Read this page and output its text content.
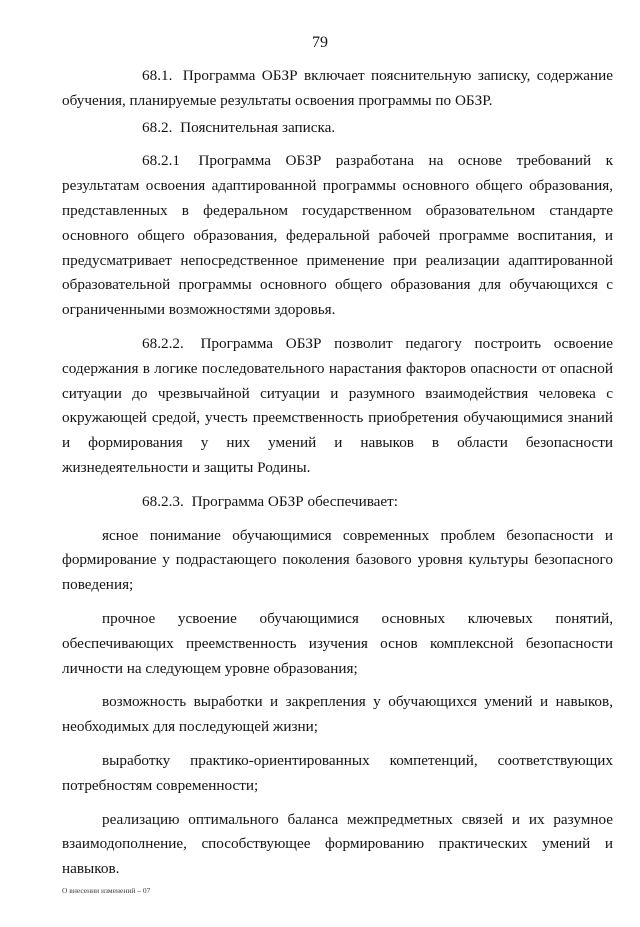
79

68.1. Программа ОБЗР включает пояснительную записку, содержание обучения, планируемые результаты освоения программы по ОБЗР.

68.2. Пояснительная записка.

68.2.1 Программа ОБЗР разработана на основе требований к результатам освоения адаптированной программы основного общего образования, представленных в федеральном государственном образовательном стандарте основного общего образования, федеральной рабочей программе воспитания, и предусматривает непосредственное применение при реализации адаптированной образовательной программы основного общего образования для обучающихся с ограниченными возможностями здоровья.

68.2.2. Программа ОБЗР позволит педагогу построить освоение содержания в логике последовательного нарастания факторов опасности от опасной ситуации до чрезвычайной ситуации и разумного взаимодействия человека с окружающей средой, учесть преемственность приобретения обучающимися знаний и формирования у них умений и навыков в области безопасности жизнедеятельности и защиты Родины.

68.2.3. Программа ОБЗР обеспечивает:

ясное понимание обучающимися современных проблем безопасности и формирование у подрастающего поколения базового уровня культуры безопасного поведения;

прочное усвоение обучающимися основных ключевых понятий, обеспечивающих преемственность изучения основ комплексной безопасности личности на следующем уровне образования;

возможность выработки и закрепления у обучающихся умений и навыков, необходимых для последующей жизни;

выработку практико-ориентированных компетенций, соответствующих потребностям современности;

реализацию оптимального баланса межпредметных связей и их разумное взаимодополнение, способствующее формированию практических умений и навыков.

О внесении изменений – 07
